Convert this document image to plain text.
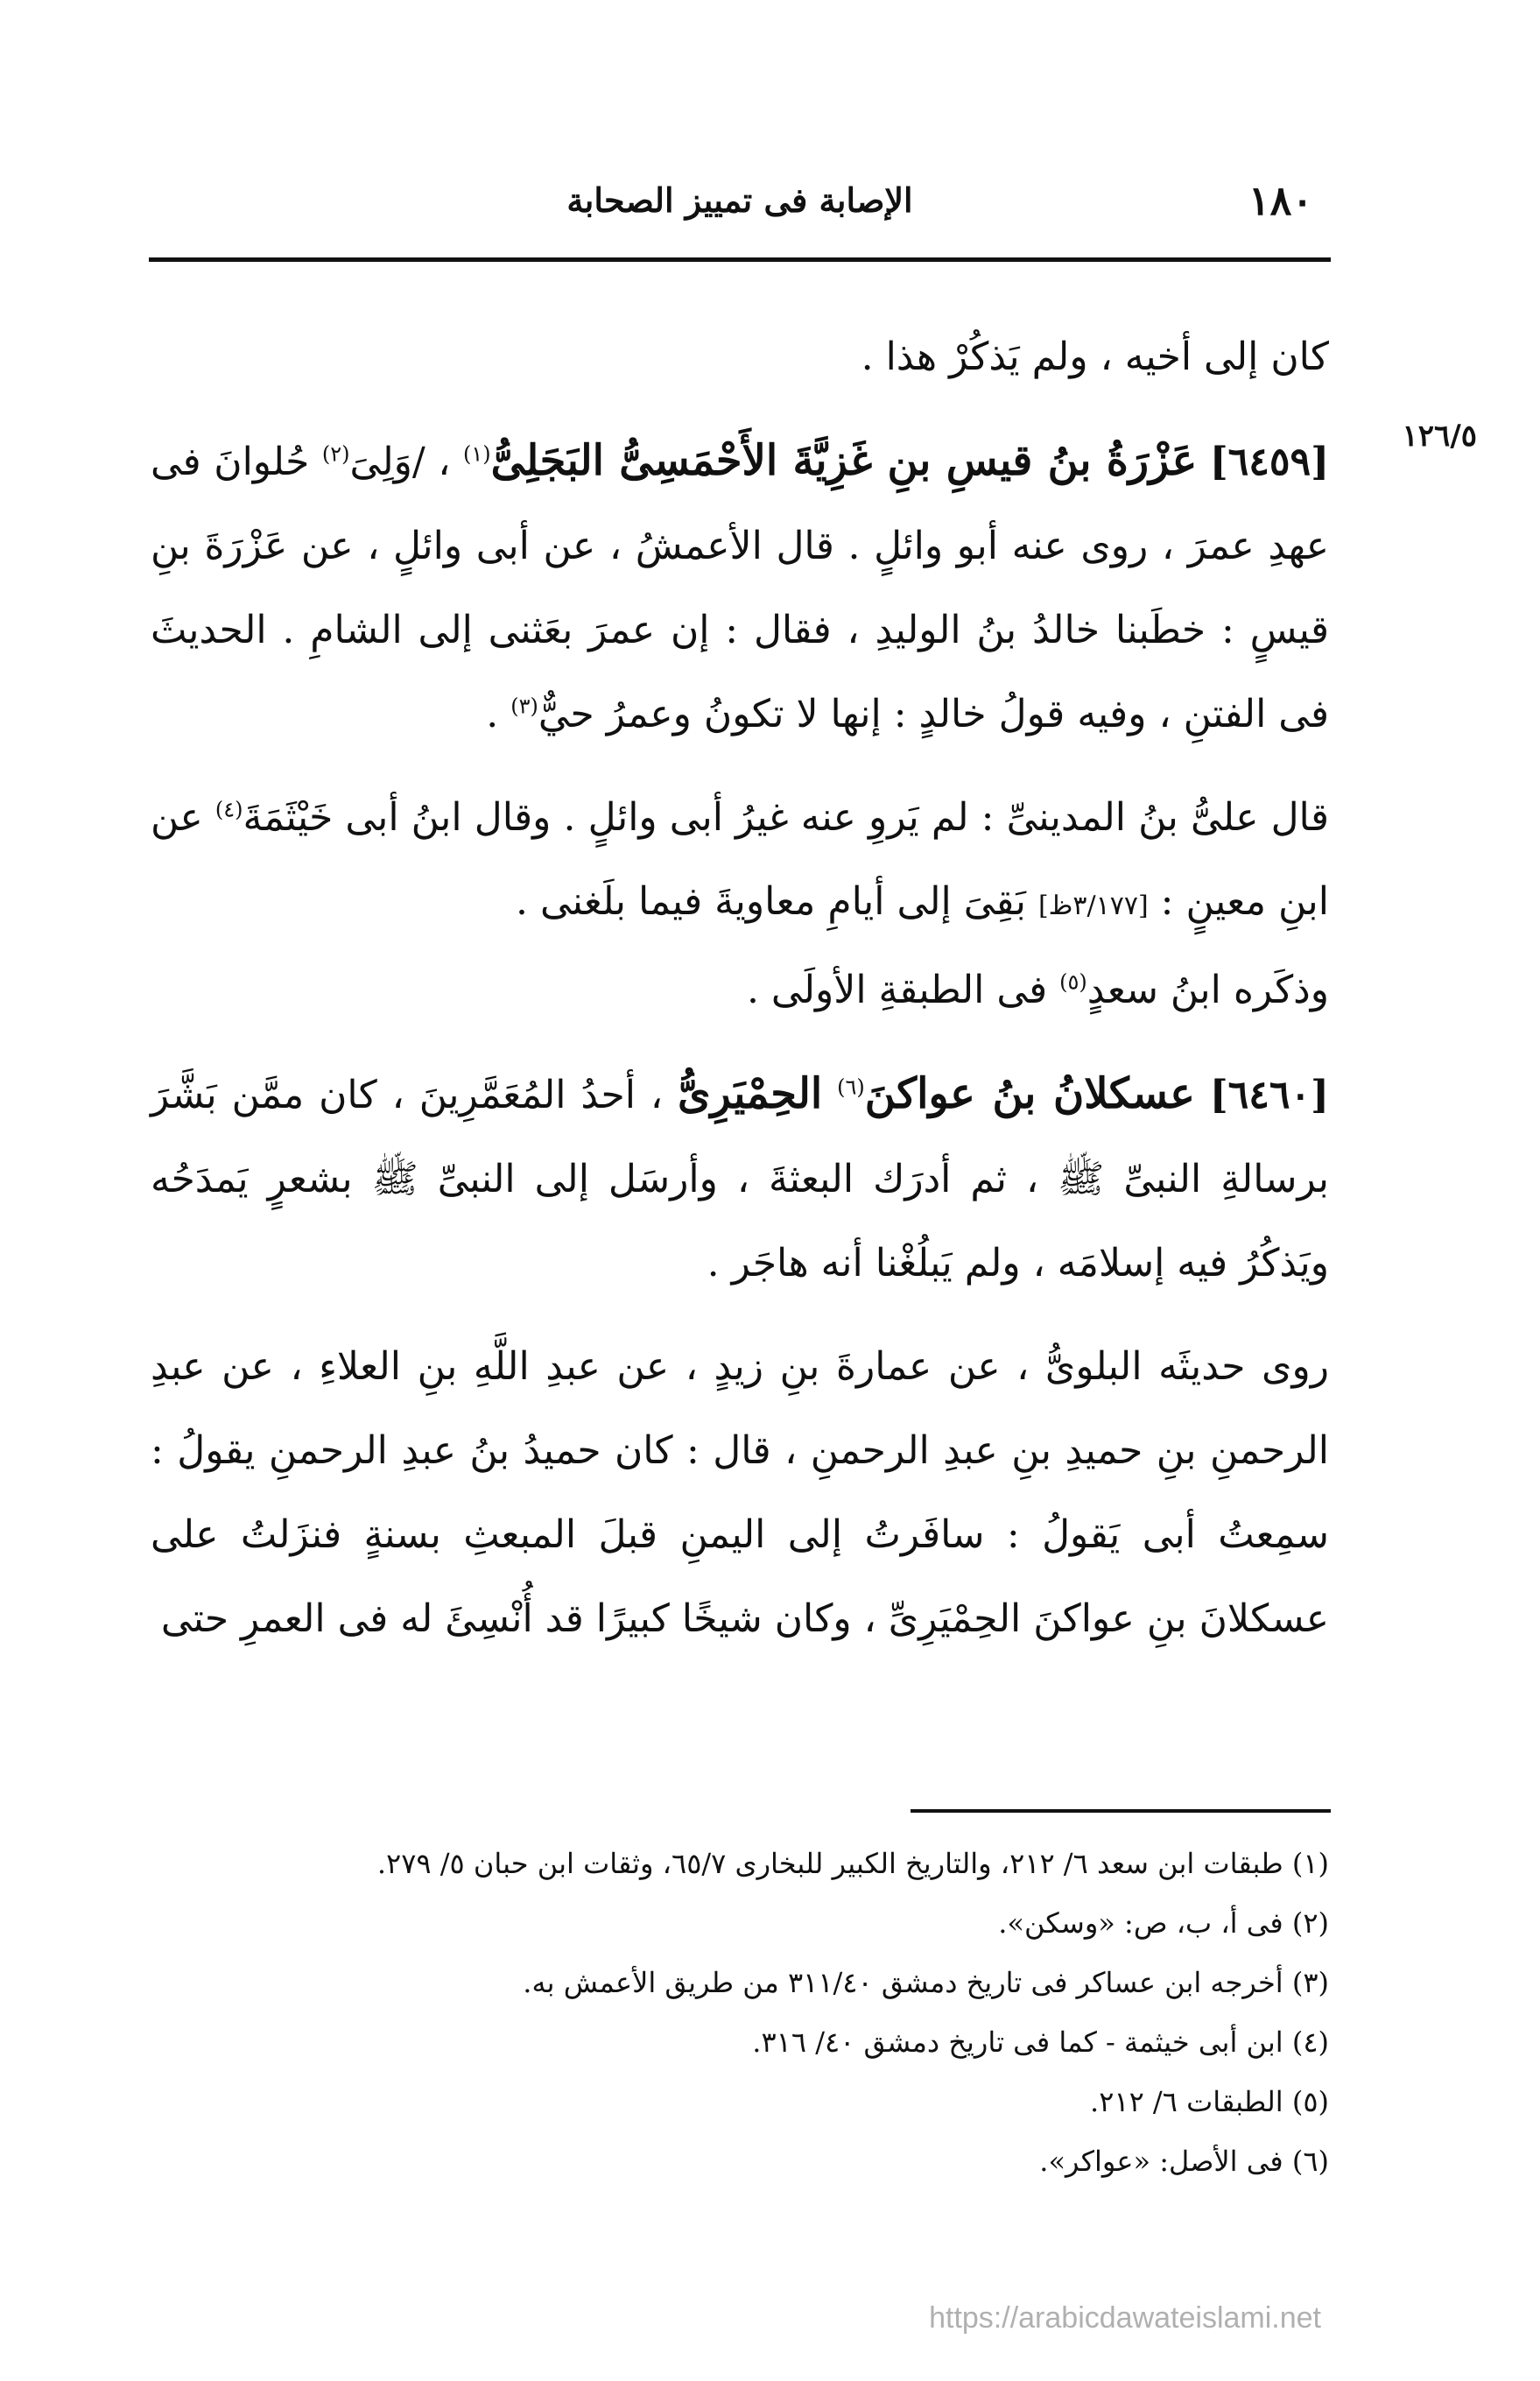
١٨٠
الإصابة فى تمييز الصحابة
١٢٦/٥

كان إلى أخيه ، ولم يَذكُرْ هذا .

[٦٤٥٩] عَزْرَةُ بنُ قيسِ بنِ غَزِيَّةَ الأَحْمَسِىُّ البَجَلِىُّ$^{(١)}$ ، /وَلِىَ$^{(٢)}$ حُلوانَ فى عهدِ عمرَ ، روى عنه أبو وائلٍ . قال الأعمشُ ، عن أبى وائلٍ ، عن عَزْرَةَ بنِ قيسٍ : خطَبنا خالدُ بنُ الوليدِ ، فقال : إن عمرَ بعَثنى إلى الشامِ . الحديثَ فى الفتنِ ، وفيه قولُ خالدٍ : إنها لا تكونُ وعمرُ حيٌّ$^{(٣)}$ .

قال علىُّ بنُ المدينىِّ : لم يَروِ عنه غيرُ أبى وائلٍ . وقال ابنُ أبى خَيْثَمَةَ$^{(٤)}$ عن ابنِ معينٍ : [٣/١٧٧ظ] بَقِىَ إلى أيامِ معاويةَ فيما بلَغنى .

وذكَره ابنُ سعدٍ$^{(٥)}$ فى الطبقةِ الأولَى .

[٦٤٦٠] عسكلانُ بنُ عواكنَ$^{(٦)}$ الحِمْيَرِىُّ ، أحدُ المُعَمَّرِينَ ، كان ممَّن بَشَّرَ برسالةِ النبىِّ ﷺ ، ثم أدرَك البعثةَ ، وأرسَل إلى النبىِّ ﷺ بشعرٍ يَمدَحُه ويَذكُرُ فيه إسلامَه ، ولم يَبلُغْنا أنه هاجَر .

روى حديثَه البلوىُّ ، عن عمارةَ بنِ زيدٍ ، عن عبدِ اللَّهِ بنِ العلاءِ ، عن عبدِ الرحمنِ بنِ حميدِ بنِ عبدِ الرحمنِ ، قال : كان حميدُ بنُ عبدِ الرحمنِ يقولُ : سمِعتُ أبى يَقولُ : سافَرتُ إلى اليمنِ قبلَ المبعثِ بسنةٍ فنزَلتُ على عسكلانَ بنِ عواكنَ الحِمْيَرِىِّ ، وكان شيخًا كبيرًا قد أُنْسِئَ له فى العمرِ حتى

(١) طبقات ابن سعد ٦/ ٢١٢، والتاريخ الكبير للبخارى ٦٥/٧، وثقات ابن حبان ٥/ ٢٧٩.

(٢) فى أ، ب، ص: «وسكن».

(٣) أخرجه ابن عساكر فى تاريخ دمشق ٣١١/٤٠ من طريق الأعمش به.

(٤) ابن أبى خيثمة - كما فى تاريخ دمشق ٤٠/ ٣١٦.

(٥) الطبقات ٦/ ٢١٢.

(٦) فى الأصل: «عواكر».

https://arabicdawateislami.net
